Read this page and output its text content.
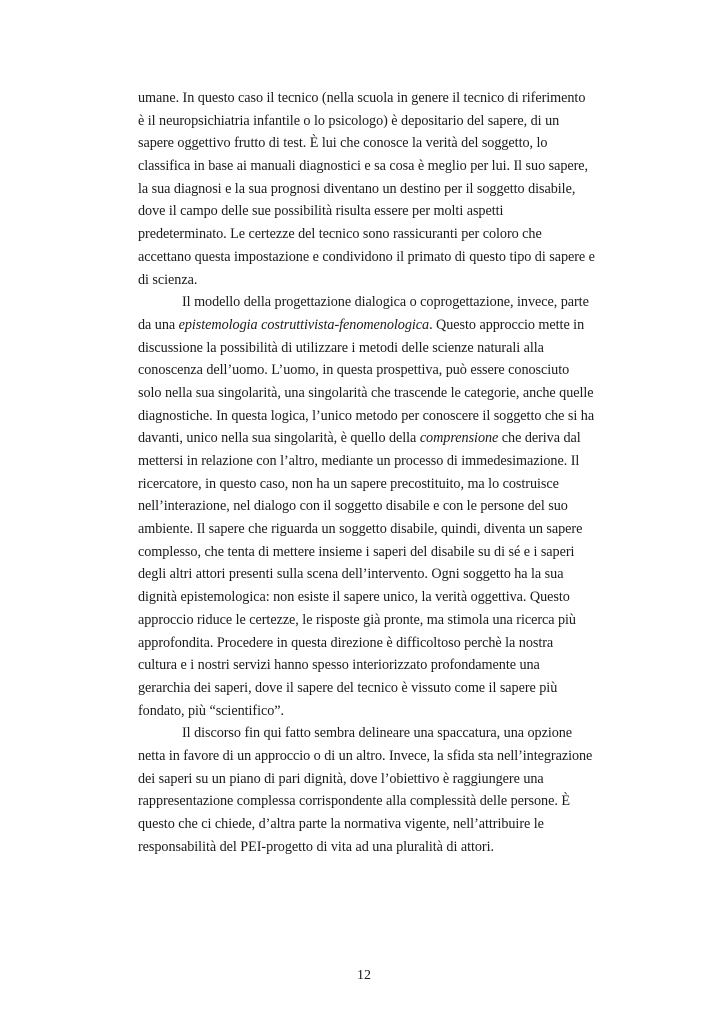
umane. In questo caso il tecnico (nella scuola in genere il tecnico di riferimento
è il neuropsichiatria infantile o lo psicologo) è depositario del sapere, di un
sapere oggettivo frutto di test. È lui che conosce la verità del soggetto, lo
classifica in base ai manuali diagnostici e sa cosa è meglio per lui. Il suo sapere,
la sua diagnosi e la sua prognosi diventano un destino per il soggetto disabile,
dove il campo delle sue possibilità risulta essere per molti aspetti
predeterminato. Le certezze del tecnico sono rassicuranti per coloro che
accettano questa impostazione e condividono il primato di questo tipo di sapere e
di scienza.
Il modello della progettazione dialogica o coprogettazione, invece, parte
da una epistemologia costruttivista-fenomenologica. Questo approccio mette in
discussione la possibilità di utilizzare i metodi delle scienze naturali alla
conoscenza dell’uomo. L’uomo, in questa prospettiva, può essere conosciuto
solo nella sua singolarità, una singolarità che trascende le categorie, anche quelle
diagnostiche. In questa logica, l’unico metodo per conoscere il soggetto che si ha
davanti, unico nella sua singolarità, è quello della comprensione che deriva dal
mettersi in relazione con l’altro, mediante un processo di immedesimazione. Il
ricercatore, in questo caso, non ha un sapere precostituito, ma lo costruisce
nell’interazione, nel dialogo con il soggetto disabile e con le persone del suo
ambiente. Il sapere che riguarda un soggetto disabile, quindi, diventa un sapere
complesso, che tenta di mettere insieme i saperi del disabile su di sé e i saperi
degli altri attori presenti sulla scena dell’intervento. Ogni soggetto ha la sua
dignità epistemologica: non esiste il sapere unico, la verità oggettiva. Questo
approccio riduce le certezze, le risposte già pronte, ma stimola una ricerca più
approfondita. Procedere in questa direzione è difficoltoso perchè la nostra
cultura e i nostri servizi hanno spesso interiorizzato profondamente una
gerarchia dei saperi, dove il sapere del tecnico è vissuto come il sapere più
fondato, più “scientifico”.
Il discorso fin qui fatto sembra delineare una spaccatura, una opzione
netta in favore di un approccio o di un altro. Invece, la sfida sta nell’integrazione
dei saperi su un piano di pari dignità, dove l’obiettivo è raggiungere una
rappresentazione complessa corrispondente alla complessità delle persone. È
questo che ci chiede, d’altra parte la normativa vigente, nell’attribuire le
responsabilità del PEI-progetto di vita ad una pluralità di attori.
12
